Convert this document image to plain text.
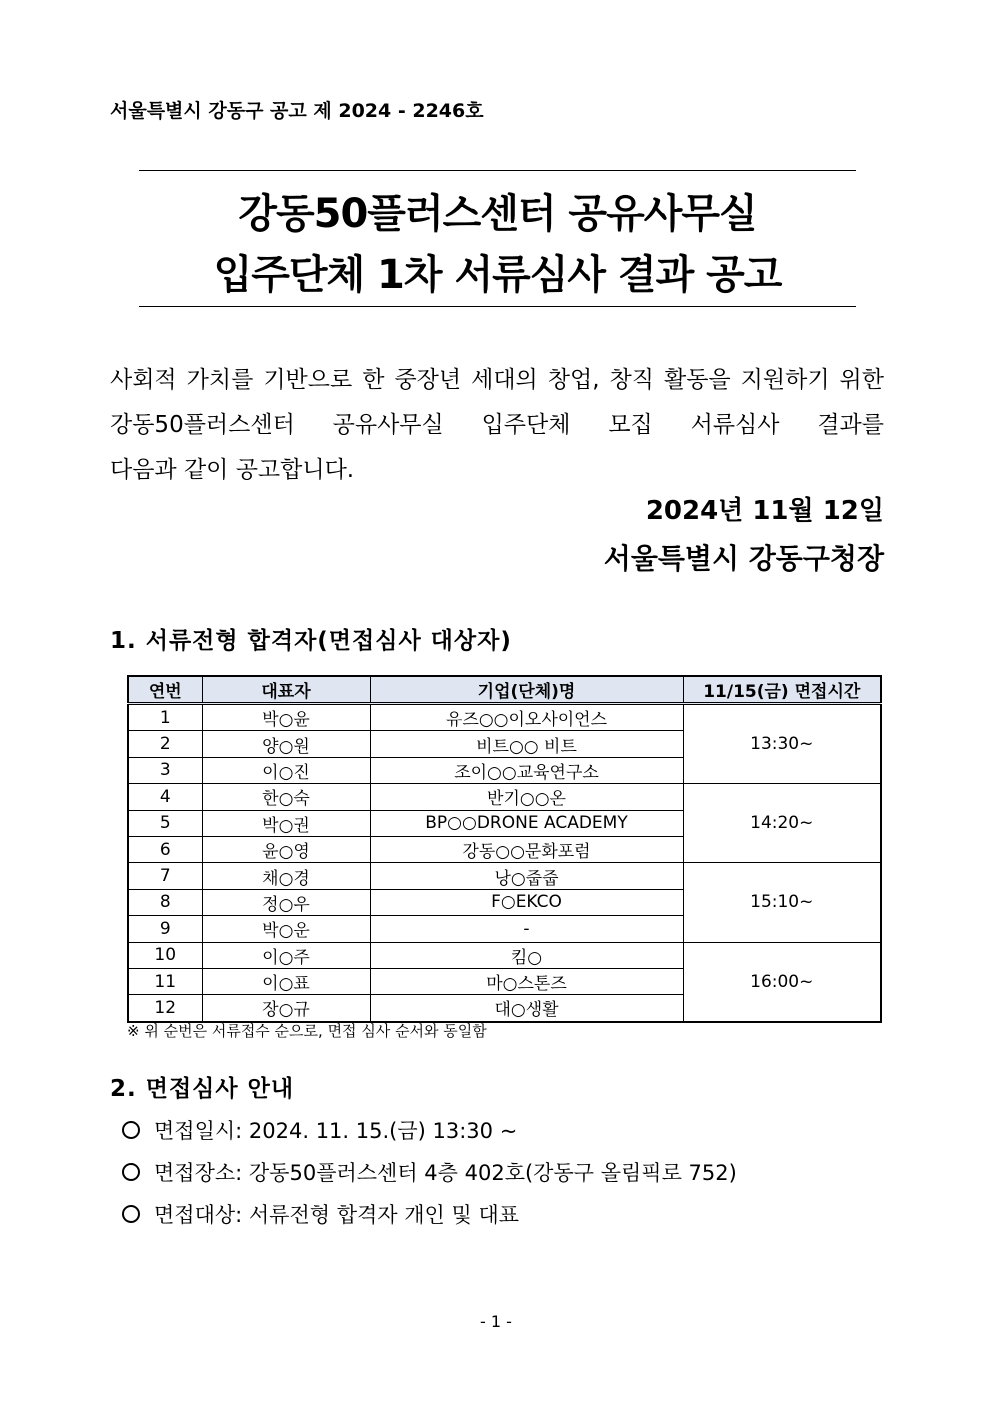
서울특별시 강동구 공고 제 2024 - 2246호
강동50플러스센터 공유사무실
입주단체 1차 서류심사 결과 공고
사회적 가치를 기반으로 한 중장년 세대의 창업, 창직 활동을 지원하기 위한 강동50플러스센터 공유사무실 입주단체 모집 서류심사 결과를
다음과 같이 공고합니다.
2024년 11월 12일
서울특별시 강동구청장
1. 서류전형 합격자(면접심사 대상자)
연번	대표자	기업(단체)명	11/15(금) 면접시간
1	박○윤	유즈○○이오사이언스	13:30~
2	양○원	비트○○ 비트	
3	이○진	조이○○교육연구소	
4	한○숙	반기○○온	14:20~
5	박○권	BP○○DRONE ACADEMY	
6	윤○영	강동○○문화포럼	
7	채○경	낭○줍줍	15:10~
8	정○우	F○EKCO	
9	박○운	-	
10	이○주	킴○	16:00~
11	이○표	마○스톤즈	
12	장○규	대○생활	
※ 위 순번은 서류접수 순으로, 면접 심사 순서와 동일함
2. 면접심사 안내
면접일시: 2024. 11. 15.(금) 13:30 ~
면접장소: 강동50플러스센터 4층 402호(강동구 올림픽로 752)
면접대상: 서류전형 합격자 개인 및 대표
- 1 -
